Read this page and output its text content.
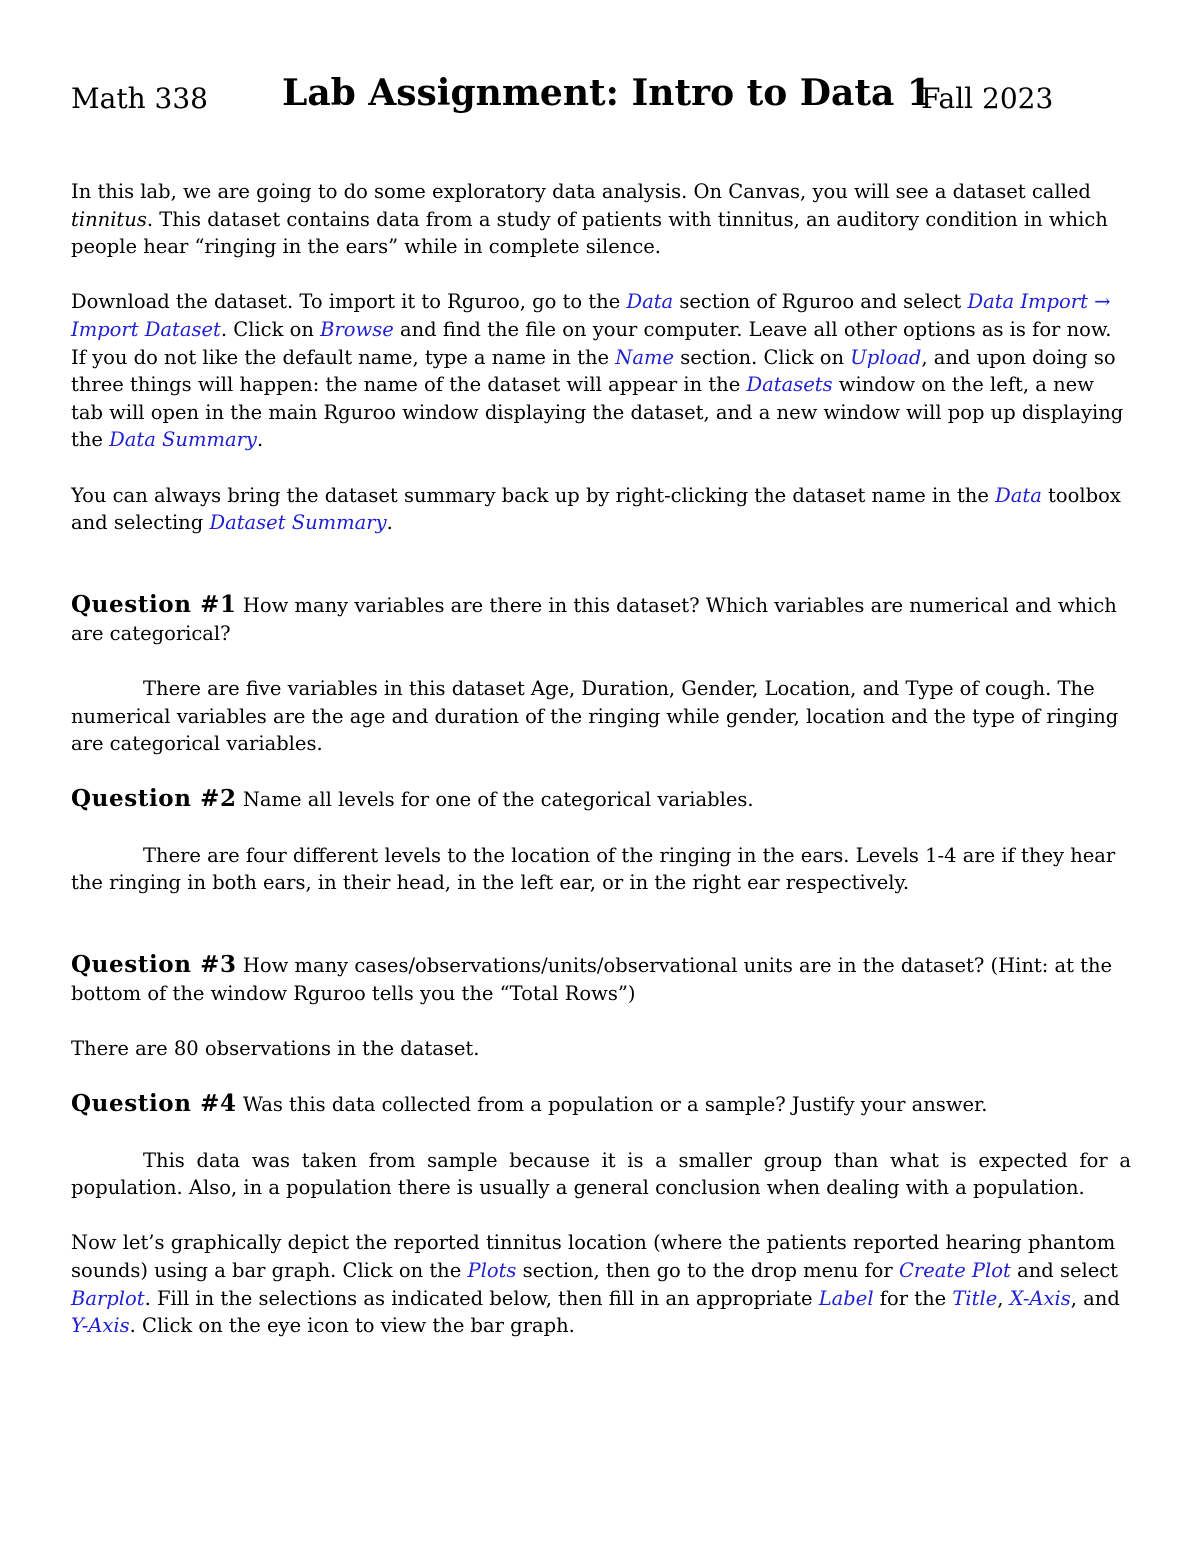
Math 338 Lab Assignment: Intro to Data 1
Fall 2023

In this lab, we are going to do some exploratory data analysis. On Canvas, you will see a dataset called tinnitus. This dataset contains data from a study of patients with tinnitus, an auditory condition in which people hear “ringing in the ears” while in complete silence.

Download the dataset. To import it to Rguroo, go to the Data section of Rguroo and select Data Import → Import Dataset. Click on Browse and find the file on your computer. Leave all other options as is for now. If you do not like the default name, type a name in the Name section. Click on Upload, and upon doing so three things will happen: the name of the dataset will appear in the Datasets window on the left, a new tab will open in the main Rguroo window displaying the dataset, and a new window will pop up displaying the Data Summary.

You can always bring the dataset summary back up by right-clicking the dataset name in the Data toolbox and selecting Dataset Summary.

Question #1 How many variables are there in this dataset? Which variables are numerical and which are categorical?

There are five variables in this dataset Age, Duration, Gender, Location, and Type of cough. The numerical variables are the age and duration of the ringing while gender, location and the type of ringing are categorical variables.

Question #2 Name all levels for one of the categorical variables.

There are four different levels to the location of the ringing in the ears. Levels 1-4 are if they hear the ringing in both ears, in their head, in the left ear, or in the right ear respectively.

Question #3 How many cases/observations/units/observational units are in the dataset? (Hint: at the bottom of the window Rguroo tells you the “Total Rows”)

There are 80 observations in the dataset.

Question #4 Was this data collected from a population or a sample? Justify your answer.

This data was taken from sample because it is a smaller group than what is expected for a population. Also, in a population there is usually a general conclusion when dealing with a population.

Now let’s graphically depict the reported tinnitus location (where the patients reported hearing phantom sounds) using a bar graph. Click on the Plots section, then go to the drop menu for Create Plot and select Barplot. Fill in the selections as indicated below, then fill in an appropriate Label for the Title, X-Axis, and Y-Axis. Click on the eye icon to view the bar graph.
